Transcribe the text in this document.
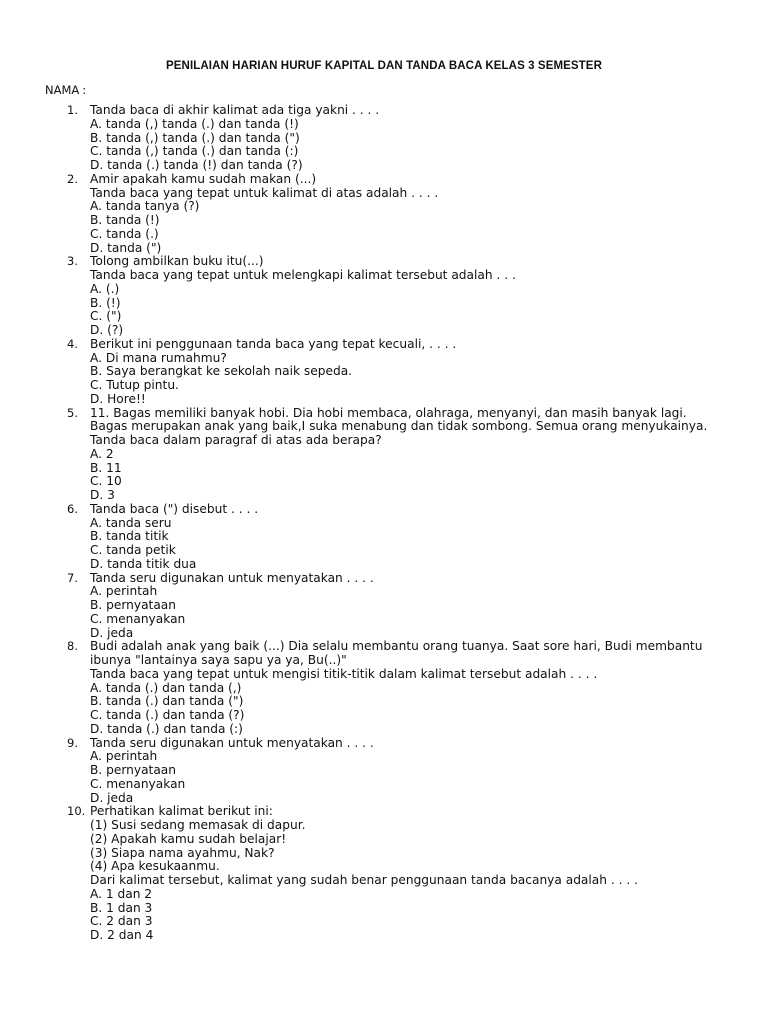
PENILAIAN HARIAN HURUF KAPITAL DAN TANDA BACA KELAS 3 SEMESTER
NAMA :
1. Tanda baca di akhir kalimat ada tiga yakni . . . .
A. tanda (,) tanda (.) dan tanda (!)
B. tanda (,) tanda (.) dan tanda (")
C. tanda (,) tanda (.) dan tanda (:)
D. tanda (.) tanda (!) dan tanda (?)
2. Amir apakah kamu sudah makan (...)
Tanda baca yang tepat untuk kalimat di atas adalah . . . .
A. tanda tanya (?)
B. tanda (!)
C. tanda (.)
D. tanda (")
3. Tolong ambilkan buku itu(...)
Tanda baca yang tepat untuk melengkapi kalimat tersebut adalah . . .
A. (.)
B. (!)
C. (")
D. (?)
4. Berikut ini penggunaan tanda baca yang tepat kecuali, . . . .
A. Di mana rumahmu?
B. Saya berangkat ke sekolah naik sepeda.
C. Tutup pintu.
D. Hore!!
5. 11. Bagas memiliki banyak hobi. Dia hobi membaca, olahraga, menyanyi, dan masih banyak lagi.
Bagas merupakan anak yang baik,I suka menabung dan tidak sombong. Semua orang menyukainya.
Tanda baca dalam paragraf di atas ada berapa?
A. 2
B. 11
C. 10
D. 3
6. Tanda baca (") disebut . . . .
A. tanda seru
B. tanda titik
C. tanda petik
D. tanda titik dua
7. Tanda seru digunakan untuk menyatakan . . . .
A. perintah
B. pernyataan
C. menanyakan
D. jeda
8. Budi adalah anak yang baik (...) Dia selalu membantu orang tuanya. Saat sore hari, Budi membantu
ibunya "lantainya saya sapu ya ya, Bu(..)"
Tanda baca yang tepat untuk mengisi titik-titik dalam kalimat tersebut adalah . . . .
A. tanda (.) dan tanda (,)
B. tanda (.) dan tanda (")
C. tanda (.) dan tanda (?)
D. tanda (.) dan tanda (:)
9. Tanda seru digunakan untuk menyatakan . . . .
A. perintah
B. pernyataan
C. menanyakan
D. jeda
10. Perhatikan kalimat berikut ini:
(1) Susi sedang memasak di dapur.
(2) Apakah kamu sudah belajar!
(3) Siapa nama ayahmu, Nak?
(4) Apa kesukaanmu.
Dari kalimat tersebut, kalimat yang sudah benar penggunaan tanda bacanya adalah . . . .
A. 1 dan 2
B. 1 dan 3
C. 2 dan 3
D. 2 dan 4
